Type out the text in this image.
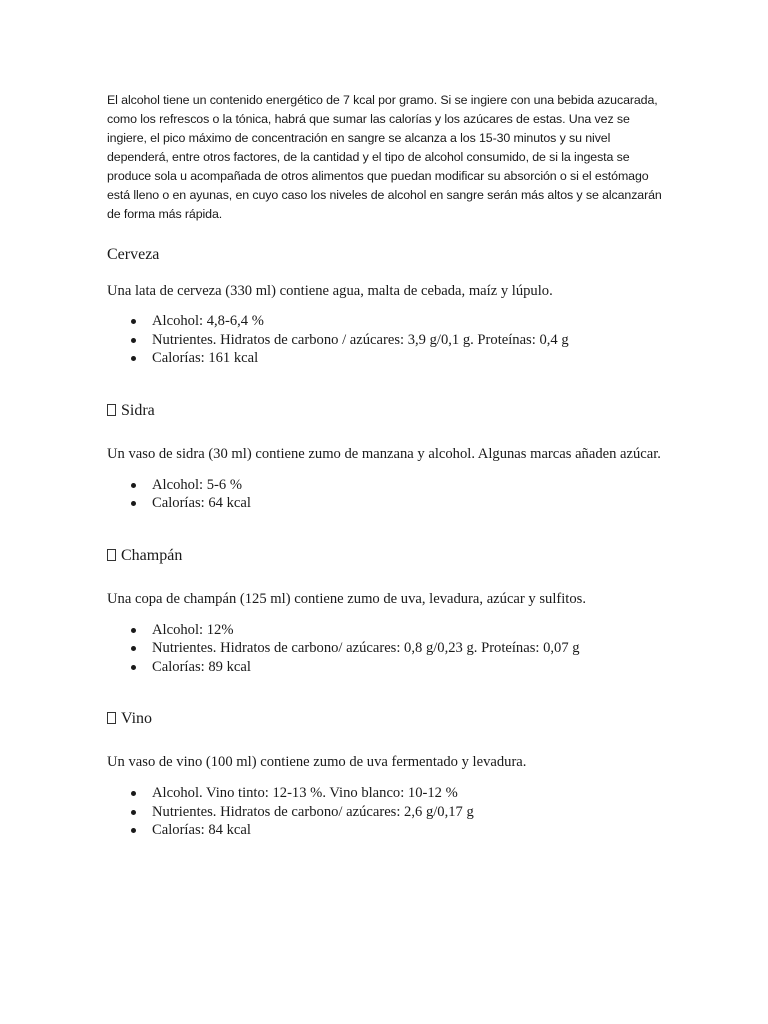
El alcohol tiene un contenido energético de 7 kcal por gramo. Si se ingiere con una bebida azucarada, como los refrescos o la tónica, habrá que sumar las calorías y los azúcares de estas. Una vez se ingiere, el pico máximo de concentración en sangre se alcanza a los 15-30 minutos y su nivel dependerá, entre otros factores, de la cantidad y el tipo de alcohol consumido, de si la ingesta se produce sola u acompañada de otros alimentos que puedan modificar su absorción o si el estómago está lleno o en ayunas, en cuyo caso los niveles de alcohol en sangre serán más altos y se alcanzarán de forma más rápida.

Cerveza

Una lata de cerveza (330 ml) contiene agua, malta de cebada, maíz y lúpulo.

Alcohol: 4,8-6,4 %
Nutrientes. Hidratos de carbono / azúcares: 3,9 g/0,1 g. Proteínas: 0,4 g
Calorías: 161 kcal
Sidra

Un vaso de sidra (30 ml) contiene zumo de manzana y alcohol. Algunas marcas añaden azúcar.

Alcohol: 5-6 %
Calorías: 64 kcal
Champán

Una copa de champán (125 ml) contiene zumo de uva, levadura, azúcar y sulfitos.

Alcohol: 12%
Nutrientes. Hidratos de carbono/ azúcares: 0,8 g/0,23 g. Proteínas: 0,07 g
Calorías: 89 kcal
Vino

Un vaso de vino (100 ml) contiene zumo de uva fermentado y levadura.

Alcohol. Vino tinto: 12-13 %. Vino blanco: 10-12 %
Nutrientes. Hidratos de carbono/ azúcares: 2,6 g/0,17 g
Calorías: 84 kcal
